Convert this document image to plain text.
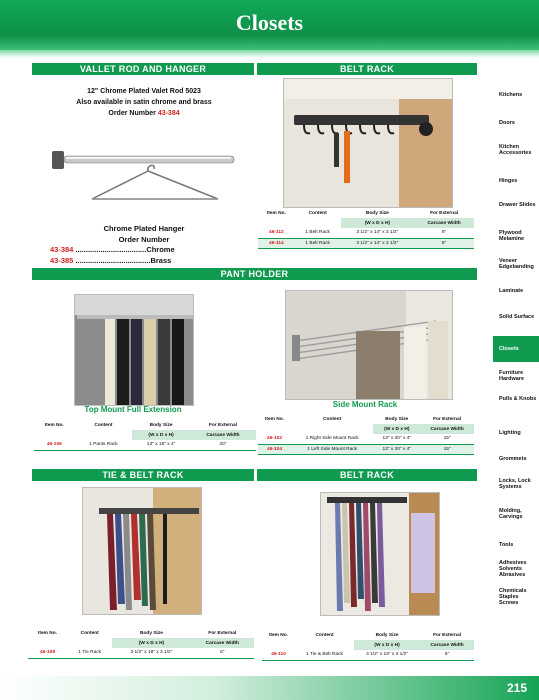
Closets
VALLET ROD AND HANGER	BELT RACK
PANT HOLDER
TIE & BELT RACK	BELT RACK
12" Chrome Plated Valet Rod 5023
Also available in satin chrome and brass
Order Number 43-384
Chrome Plated Hanger
Order Number
43-384 ..................................Chrome
43-385 ....................................Brass
Item No.	Content	Body Size	For External
		(W x D x H)	Carcase Width
46-112	1 Belt Rack	3 1/2" x 14" x 3 1/2"	6"
46-114	1 Belt Rack	3 1/2" x 14" x 3 1/2"	6"
Top Mount Full Extension
Side Mount Rack
Item No.	Content	Body Size	For External
		(W x D x H)	Carcase Width
46-106	1 Pants Rack	13" x 18" x 4"	20"
Item No.	Content	Body Size	For External
		(W x D x H)	Carcase Width
46-102	1 Right Side Mount Rack	13" x 20" x 4"	15"
46-104	1 Left Side Mount Rack	13" x 20" x 4"	15"
Item No.	Content	Body Size	For External
		(W x D x H)	Carcase Width
46-108	1 Tie Rack	3 1/2" x 18" x 3 1/2"	6"
Item No.	Content	Body Size	For External
		(W x D x H)	Carcase Width
46-110	1 Tie & Belt Rack	3 1/2" x 18" x 3 1/2"	6"
Closets
Kitchens
Doors
Kitchen Accessories
Hinges
Drawer Slides
Plywood Melamine
Veneer Edgebanding
Laminate
Solid Surface
Furniture Hardware
Pulls & Knobs
Lighting
Grommets
Locks, Lock Systems
Molding, Carvings
Tools
Adhesives Solvents Abrasives
Chemicals Staples Screws
215
